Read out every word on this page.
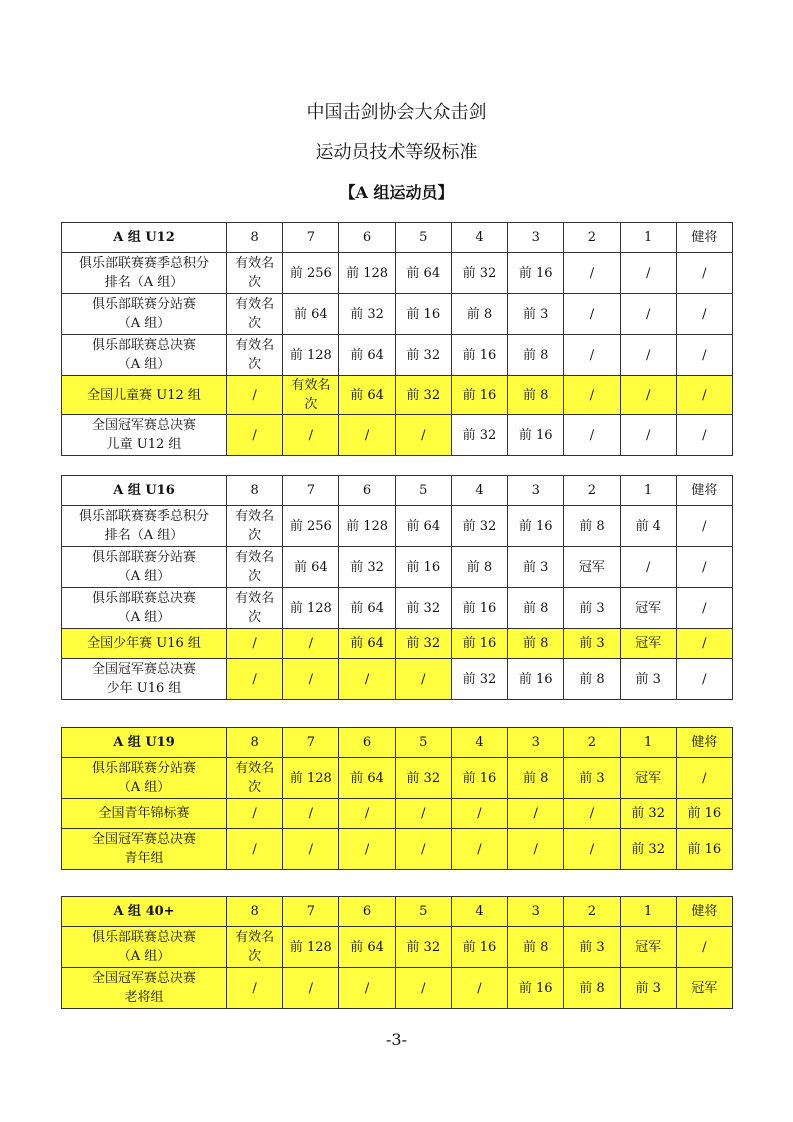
中国击剑协会大众击剑
运动员技术等级标准
【A 组运动员】
A 组 U12	8	7	6	5	4	3	2	1	健将
俱乐部联赛赛季总积分
排名（A 组）	有效名次	前 256	前 128	前 64	前 32	前 16	/	/	/
俱乐部联赛分站赛
（A 组）	有效名次	前 64	前 32	前 16	前 8	前 3	/	/	/
俱乐部联赛总决赛
（A 组）	有效名次	前 128	前 64	前 32	前 16	前 8	/	/	/
全国儿童赛 U12 组	/	有效名次	前 64	前 32	前 16	前 8	/	/	/
全国冠军赛总决赛
儿童 U12 组	/	/	/	/	前 32	前 16	/	/	/
A 组 U16	8	7	6	5	4	3	2	1	健将
俱乐部联赛赛季总积分
排名（A 组）	有效名次	前 256	前 128	前 64	前 32	前 16	前 8	前 4	/
俱乐部联赛分站赛
（A 组）	有效名次	前 64	前 32	前 16	前 8	前 3	冠军	/	/
俱乐部联赛总决赛
（A 组）	有效名次	前 128	前 64	前 32	前 16	前 8	前 3	冠军	/
全国少年赛 U16 组	/	/	前 64	前 32	前 16	前 8	前 3	冠军	/
全国冠军赛总决赛
少年 U16 组	/	/	/	/	前 32	前 16	前 8	前 3	/
A 组 U19	8	7	6	5	4	3	2	1	健将
俱乐部联赛分站赛
（A 组）	有效名次	前 128	前 64	前 32	前 16	前 8	前 3	冠军	/
全国青年锦标赛	/	/	/	/	/	/	/	前 32	前 16
全国冠军赛总决赛
青年组	/	/	/	/	/	/	/	前 32	前 16
A 组 40+	8	7	6	5	4	3	2	1	健将
俱乐部联赛总决赛
（A 组）	有效名次	前 128	前 64	前 32	前 16	前 8	前 3	冠军	/
全国冠军赛总决赛
老将组	/	/	/	/	/	前 16	前 8	前 3	冠军
-3-
